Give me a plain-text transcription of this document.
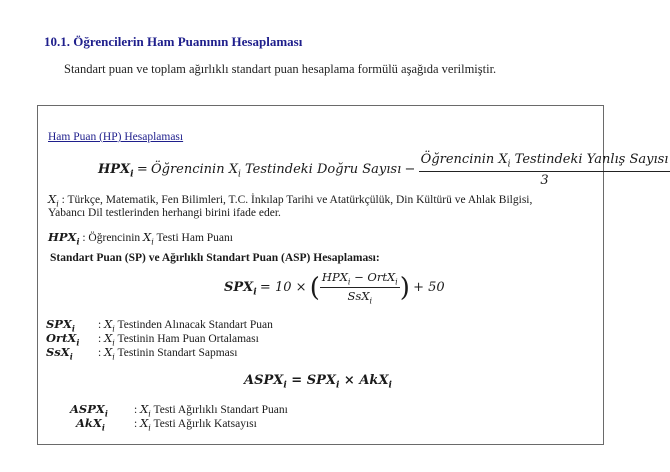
10.1. Öğrencilerin Ham Puanının Hesaplaması
Standart puan ve toplam ağırlıklı standart puan hesaplama formülü aşağıda verilmiştir.
Ham Puan (HP) Hesaplaması
$HPX_i$ = Öğrencinin $X_i$ Testindeki Doğru Sayısı − $\frac{Öğrencinin X_i Testindeki Yanlış Sayısı}{3}$
$X_i$ : Türkçe, Matematik, Fen Bilimleri, T.C. İnkılap Tarihi ve Atatürkçülük, Din Kültürü ve Ahlak Bilgisi,
Yabancı Dil testlerinden herhangi birini ifade eder.
$HPX_i$ : Öğrencinin $X_i$ Testi Ham Puanı
Standart Puan (SP) ve Ağırlıklı Standart Puan (ASP) Hesaplaması:
$SPX_i = 10$ × ( $\frac{HPX_i - OrtX_i}{SsX_i}$ ) + 50
$SPX_i$ : $X_i$ Testinden Alınacak Standart Puan
OrtX$_i$ : $X_i$ Testinin Ham Puan Ortalaması
SsX$_i$ : $X_i$ Testinin Standart Sapması
$ASPX_i = SPX_i \times AkX_i$
$ASPX_i$ : $X_i$ Testi Ağırlıklı Standart Puanı
AkX$_i$	: $X_i$ Testi Ağırlık Katsayısı
